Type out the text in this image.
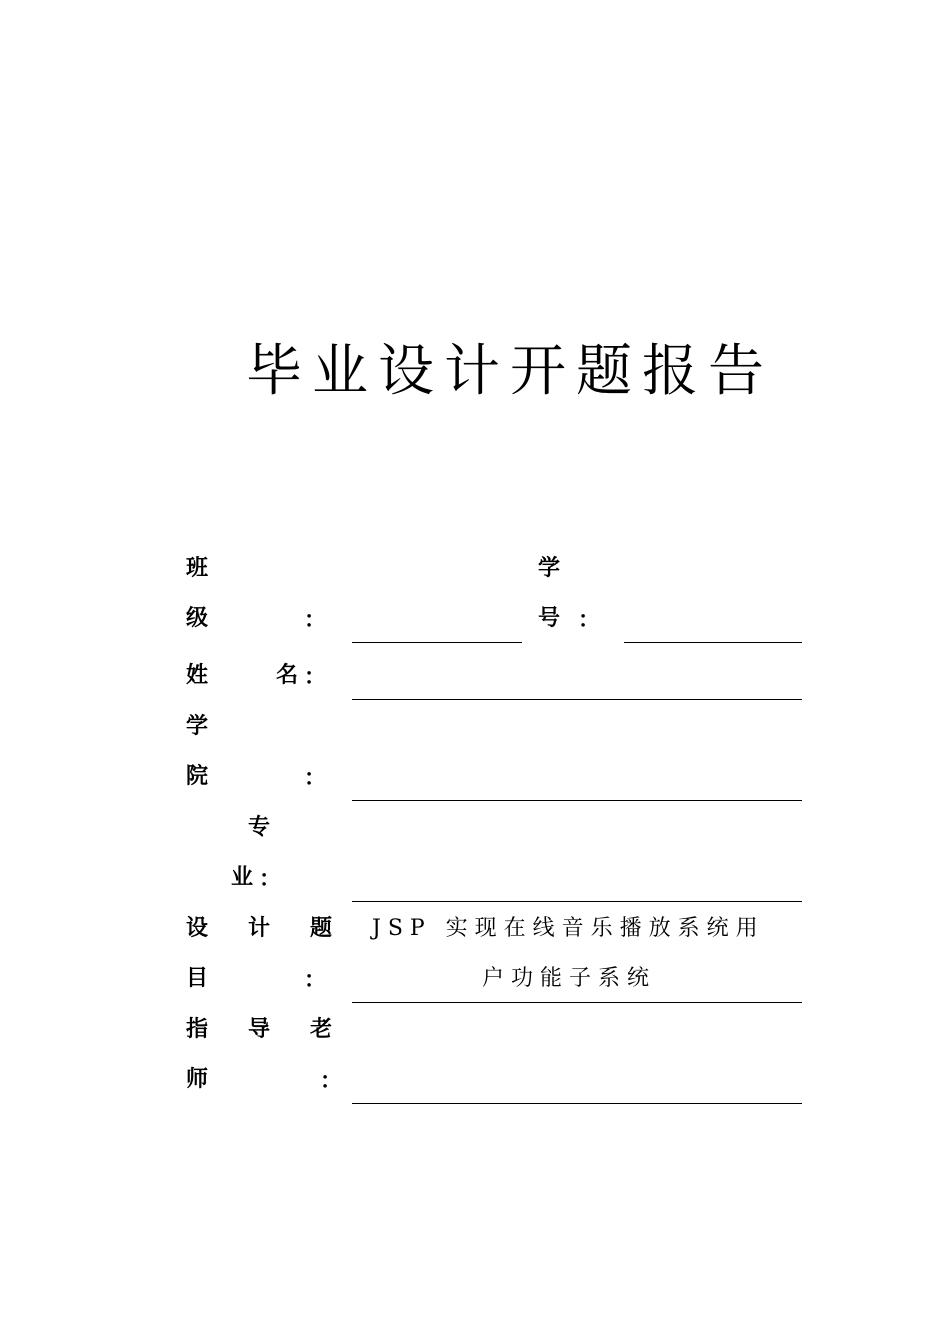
毕业设计开题报告
班
级	：
学
号 ：
姓	名 ：
学
院	：
专
业 ：
设 计 题
目	：
JSP 实现在线音乐播放系统用
户功能子系统
指 导 老
师	：
